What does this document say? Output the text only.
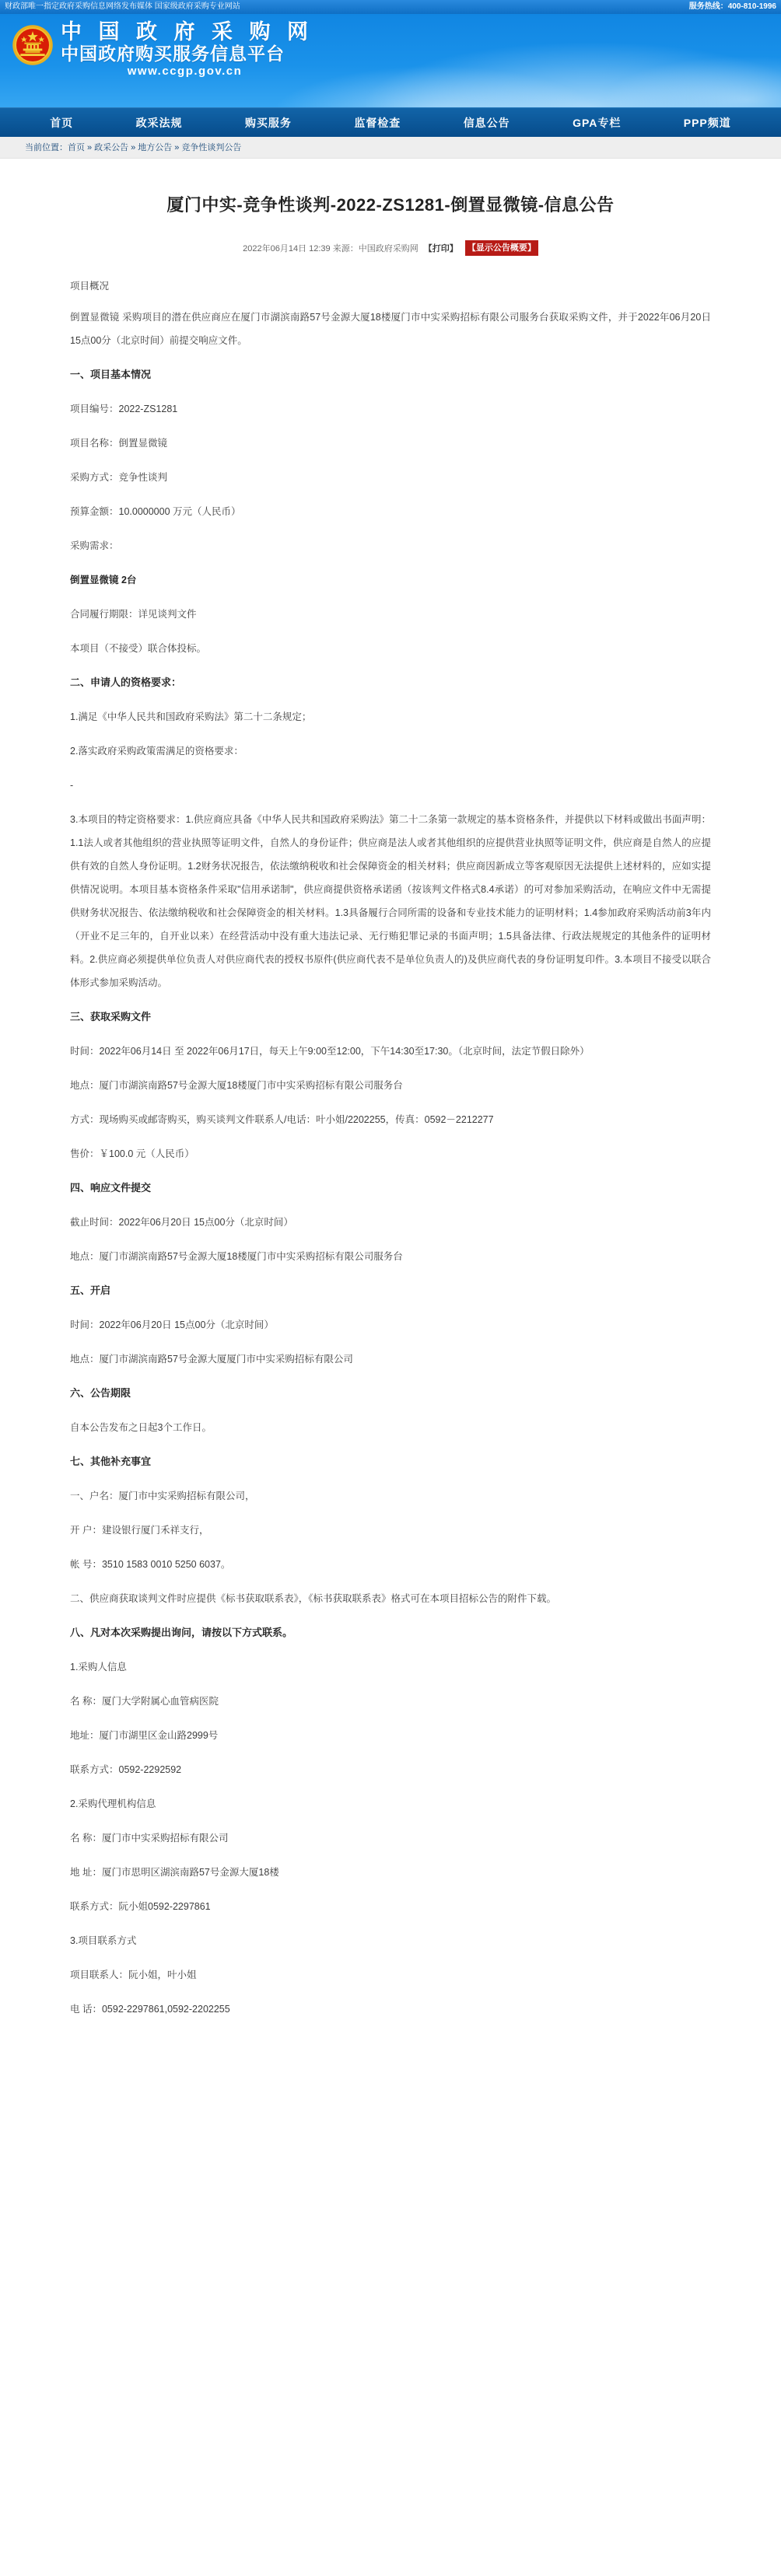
财政部唯一指定政府采购信息网络发布媒体 国家级政府采购专业网站	服务热线：400-810-1996
中 国 政 府 采 购 网
中国政府购买服务信息平台
www.ccgp.gov.cn
首页	政采法规	购买服务	监督检查	信息公告	GPA专栏	PPP频道
当前位置：首页 » 政采公告 » 地方公告 » 竞争性谈判公告
厦门中实-竞争性谈判-2022-ZS1281-倒置显微镜-信息公告
2022年06月14日 12:39 来源：中国政府采购网 【打印】 【显示公告概要】

项目概况

倒置显微镜 采购项目的潜在供应商应在厦门市湖滨南路57号金源大厦18楼厦门市中实采购招标有限公司服务台获取采购文件，并于2022年06月20日 15点00分（北京时间）前提交响应文件。

一、项目基本情况

项目编号：2022-ZS1281

项目名称：倒置显微镜

采购方式：竞争性谈判

预算金额：10.0000000 万元（人民币）

采购需求：

倒置显微镜 2台

合同履行期限：详见谈判文件

本项目（不接受）联合体投标。

二、申请人的资格要求：

1.满足《中华人民共和国政府采购法》第二十二条规定；

2.落实政府采购政策需满足的资格要求：

-

3.本项目的特定资格要求：1.供应商应具备《中华人民共和国政府采购法》第二十二条第一款规定的基本资格条件，并提供以下材料或做出书面声明：1.1法人或者其他组织的营业执照等证明文件，自然人的身份证件；供应商是法人或者其他组织的应提供营业执照等证明文件，供应商是自然人的应提供有效的自然人身份证明。1.2财务状况报告，依法缴纳税收和社会保障资金的相关材料；供应商因新成立等客观原因无法提供上述材料的，应如实提供情况说明。本项目基本资格条件采取"信用承诺制"，供应商提供资格承诺函（按该判文件格式8.4承诺）的可对参加采购活动，在响应文件中无需提供财务状况报告、依法缴纳税收和社会保障资金的相关材料。1.3具备履行合同所需的设备和专业技术能力的证明材料；1.4参加政府采购活动前3年内（开业不足三年的，自开业以来）在经营活动中没有重大违法记录、无行贿犯罪记录的书面声明；1.5具备法律、行政法规规定的其他条件的证明材料。2.供应商必须提供单位负责人对供应商代表的授权书原件(供应商代表不是单位负责人的)及供应商代表的身份证明复印件。3.本项目不接受以联合体形式参加采购活动。

三、获取采购文件

时间：2022年06月14日 至 2022年06月17日，每天上午9:00至12:00，下午14:30至17:30。（北京时间，法定节假日除外）

地点：厦门市湖滨南路57号金源大厦18楼厦门市中实采购招标有限公司服务台

方式：现场购买或邮寄购买，购买谈判文件联系人/电话：叶小姐/2202255，传真：0592－2212277

售价：￥100.0 元（人民币）

四、响应文件提交

截止时间：2022年06月20日 15点00分（北京时间）

地点：厦门市湖滨南路57号金源大厦18楼厦门市中实采购招标有限公司服务台

五、开启

时间：2022年06月20日 15点00分（北京时间）

地点：厦门市湖滨南路57号金源大厦厦门市中实采购招标有限公司

六、公告期限

自本公告发布之日起3个工作日。

七、其他补充事宜

一、户名：厦门市中实采购招标有限公司，

开 户：建设银行厦门禾祥支行，

帐 号：3510 1583 0010 5250 6037。

二、供应商获取谈判文件时应提供《标书获取联系表》，《标书获取联系表》格式可在本项目招标公告的附件下载。

八、凡对本次采购提出询问，请按以下方式联系。

1.采购人信息

名 称：厦门大学附属心血管病医院

地址：厦门市湖里区金山路2999号

联系方式：0592-2292592

2.采购代理机构信息

名 称：厦门市中实采购招标有限公司

地 址：厦门市思明区湖滨南路57号金源大厦18楼

联系方式：阮小姐0592-2297861

3.项目联系方式

项目联系人：阮小姐，叶小姐

电 话：0592-2297861,0592-2202255
